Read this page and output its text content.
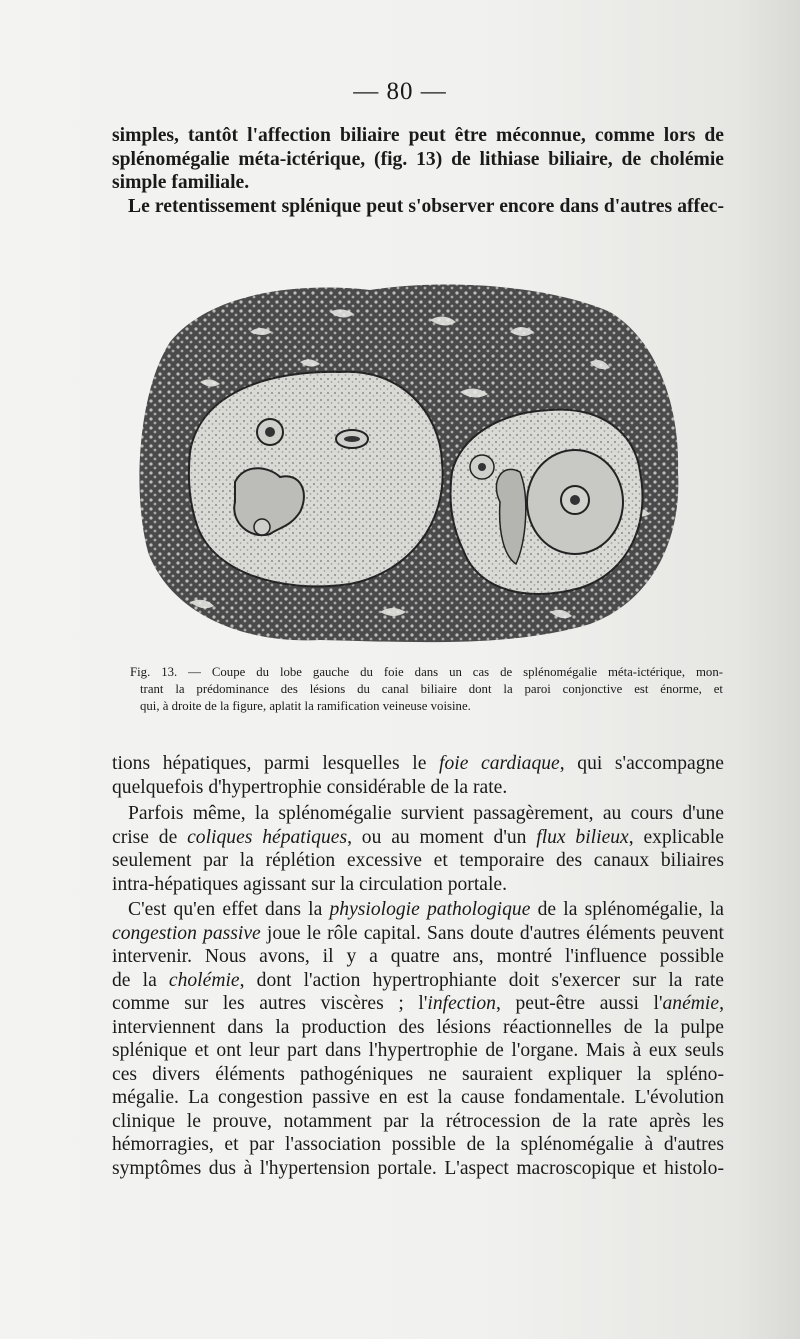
— 80 —
simples, tantôt l'affection biliaire peut être méconnue, comme lors de
splénomégalie méta-ictérique, (fig. 13) de lithiase biliaire, de cholémie
simple familiale.
Le retentissement splénique peut s'observer encore dans d'autres affec-
Fig. 13. — Coupe du lobe gauche du foie dans un cas de splénomégalie méta-ictérique, mon-
trant la prédominance des lésions du canal biliaire dont la paroi conjonctive est énorme, et
qui, à droite de la figure, aplatit la ramification veineuse voisine.
tions hépatiques, parmi lesquelles le foie cardiaque, qui s'accompagne
quelquefois d'hypertrophie considérable de la rate.
Parfois même, la splénomégalie survient passagèrement, au cours d'une
crise de coliques hépatiques, ou au moment d'un flux bilieux, explicable
seulement par la réplétion excessive et temporaire des canaux biliaires
intra-hépatiques agissant sur la circulation portale.
C'est qu'en effet dans la physiologie pathologique de la splénomégalie, la
congestion passive joue le rôle capital. Sans doute d'autres éléments peuvent
intervenir. Nous avons, il y a quatre ans, montré l'influence possible
de la cholémie, dont l'action hypertrophiante doit s'exercer sur la rate
comme sur les autres viscères ; l'infection, peut-être aussi l'anémie,
interviennent dans la production des lésions réactionnelles de la pulpe
splénique et ont leur part dans l'hypertrophie de l'organe. Mais à eux seuls
ces divers éléments pathogéniques ne sauraient expliquer la spléno-
mégalie. La congestion passive en est la cause fondamentale. L'évolution
clinique le prouve, notamment par la rétrocession de la rate après les
hémorragies, et par l'association possible de la splénomégalie à d'autres
symptômes dus à l'hypertension portale. L'aspect macroscopique et histolo-
